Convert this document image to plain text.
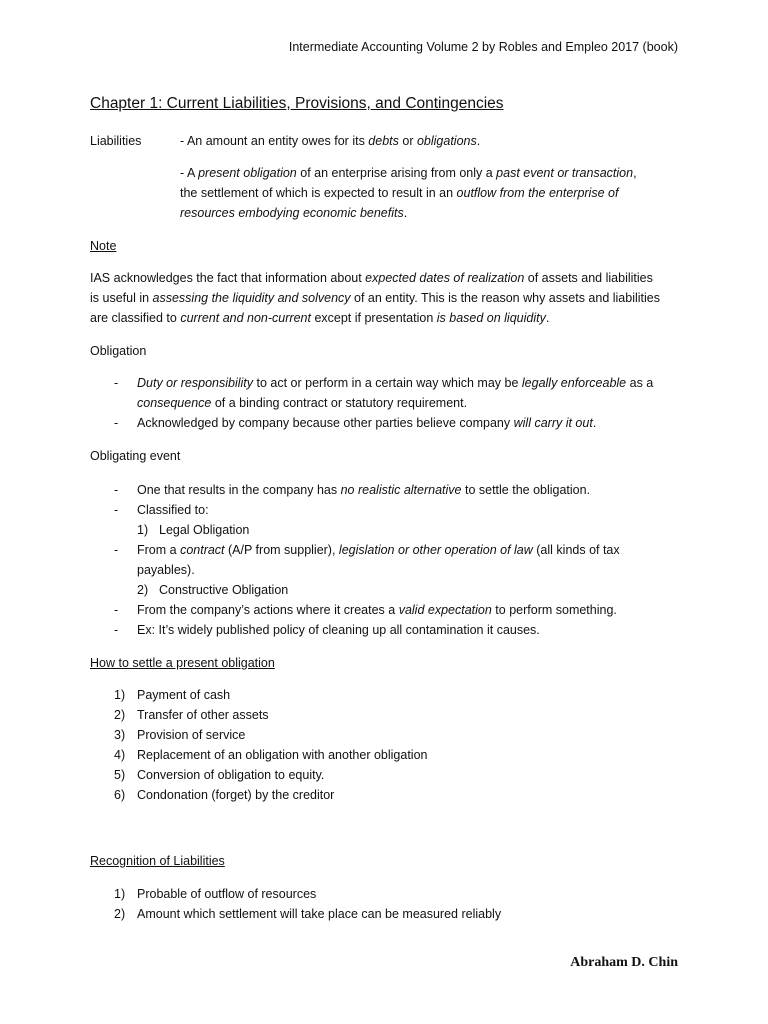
Intermediate Accounting Volume 2 by Robles and Empleo 2017 (book)
Chapter 1: Current Liabilities, Provisions, and Contingencies
Liabilities	- An amount an entity owes for its debts or obligations.
- A present obligation of an enterprise arising from only a past event or transaction,
the settlement of which is expected to result in an outflow from the enterprise of
resources embodying economic benefits.
Note
IAS acknowledges the fact that information about expected dates of realization of assets and liabilities
is useful in assessing the liquidity and solvency of an entity. This is the reason why assets and liabilities
are classified to current and non-current except if presentation is based on liquidity.
Obligation
- Duty or responsibility to act or perform in a certain way which may be legally enforceable as a
consequence of a binding contract or statutory requirement.
- Acknowledged by company because other parties believe company will carry it out.
Obligating event
- One that results in the company has no realistic alternative to settle the obligation.
- Classified to:
1) Legal Obligation
- From a contract (A/P from supplier), legislation or other operation of law (all kinds of tax
payables).
2) Constructive Obligation
- From the company’s actions where it creates a valid expectation to perform something.
- Ex: It’s widely published policy of cleaning up all contamination it causes.
How to settle a present obligation
1) Payment of cash
2) Transfer of other assets
3) Provision of service
4) Replacement of an obligation with another obligation
5) Conversion of obligation to equity.
6) Condonation (forget) by the creditor
Recognition of Liabilities
1) Probable of outflow of resources
2) Amount which settlement will take place can be measured reliably
Abraham D. Chin
